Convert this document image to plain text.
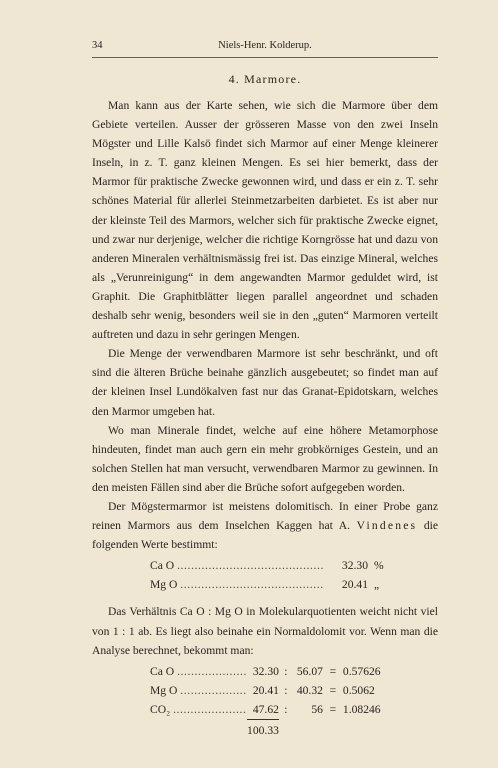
34	Niels-Henr. Kolderup.
4. Marmore.

Man kann aus der Karte sehen, wie sich die Marmore über dem Gebiete verteilen. Ausser der grösseren Masse von den zwei Inseln Mögster und Lille Kalsö findet sich Marmor auf einer Menge kleinerer Inseln, in z. T. ganz kleinen Mengen. Es sei hier bemerkt, dass der Marmor für praktische Zwecke gewonnen wird, und dass er ein z. T. sehr schönes Material für allerlei Steinmetzarbeiten darbietet. Es ist aber nur der kleinste Teil des Marmors, welcher sich für praktische Zwecke eignet, und zwar nur derjenige, welcher die richtige Korngrösse hat und dazu von anderen Mineralen verhältnismässig frei ist. Das einzige Mineral, welches als „Verunreinigung“ in dem angewandten Marmor geduldet wird, ist Graphit. Die Graphitblätter liegen parallel angeordnet und schaden deshalb sehr wenig, besonders weil sie in den „guten“ Marmoren verteilt auftreten und dazu in sehr geringen Mengen.

Die Menge der verwendbaren Marmore ist sehr beschränkt, und oft sind die älteren Brüche beinahe gänzlich ausgebeutet; so findet man auf der kleinen Insel Lundökalven fast nur das Granat-Epidotskarn, welches den Marmor umgeben hat.

Wo man Minerale findet, welche auf eine höhere Metamorphose hindeuten, findet man auch gern ein mehr grobkörniges Gestein, und an solchen Stellen hat man versucht, verwendbaren Marmor zu gewinnen. In den meisten Fällen sind aber die Brüche sofort aufgegeben worden.

Der Mögstermarmor ist meistens dolomitisch. In einer Probe ganz reinen Marmors aus dem Inselchen Kaggen hat A. Vindenes die folgenden Werte bestimmt:

Ca O ..........................................	32.30	%
Mg O .........................................	20.41	„

Das Verhältnis Ca O : Mg O in Molekularquotienten weicht nicht viel von 1 : 1 ab. Es liegt also beinahe ein Normaldolomit vor. Wenn man die Analyse berechnet, bekommt man:

Ca O ....................	32.30	:	56.07	=	0.57626
Mg O ...................	20.41	:	40.32	=	0.5062
CO₂ .....................	47.62	:	56	=	1.08246
	100.33				
